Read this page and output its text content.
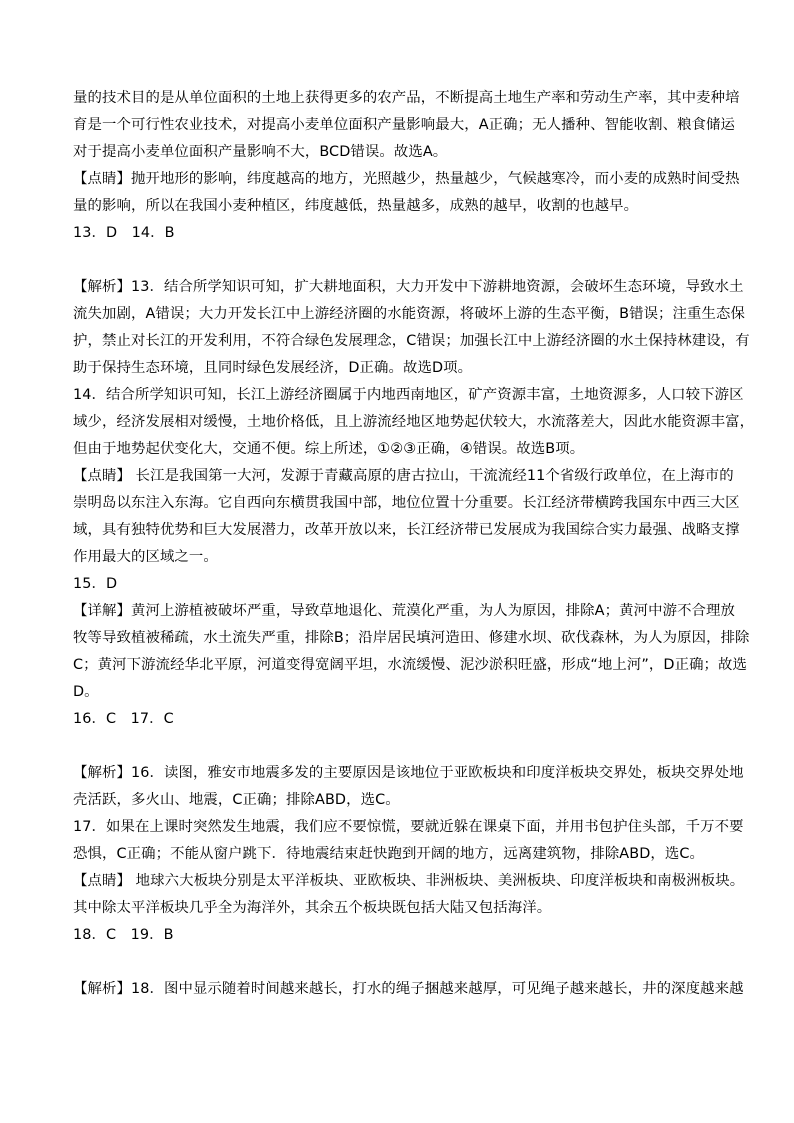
量的技术目的是从单位面积的土地上获得更多的农产品，不断提高土地生产率和劳动生产率，其中麦种培
育是一个可行性农业技术，对提高小麦单位面积产量影响最大，A正确；无人播种、智能收割、粮食储运
对于提高小麦单位面积产量影响不大，BCD错误。故选A。
【点睛】抛开地形的影响，纬度越高的地方，光照越少，热量越少，气候越寒冷，而小麦的成熟时间受热
量的影响，所以在我国小麦种植区，纬度越低，热量越多，成熟的越早，收割的也越早。
13．D　14．B
【解析】13．结合所学知识可知，扩大耕地面积，大力开发中下游耕地资源，会破坏生态环境，导致水土
流失加剧，A错误；大力开发长江中上游经济圈的水能资源，将破坏上游的生态平衡，B错误；注重生态保
护，禁止对长江的开发利用，不符合绿色发展理念，C错误；加强长江中上游经济圈的水土保持林建设，有
助于保持生态环境，且同时绿色发展经济，D正确。故选D项。
14．结合所学知识可知，长江上游经济圈属于内地西南地区，矿产资源丰富，土地资源多，人口较下游区
域少，经济发展相对缓慢，土地价格低，且上游流经地区地势起伏较大，水流落差大，因此水能资源丰富，
但由于地势起伏变化大，交通不便。综上所述，①②③正确，④错误。故选B项。
【点睛】 长江是我国第一大河，发源于青藏高原的唐古拉山，干流流经11个省级行政单位，在上海市的
崇明岛以东注入东海。它自西向东横贯我国中部，地位位置十分重要。长江经济带横跨我国东中西三大区
域，具有独特优势和巨大发展潜力，改革开放以来，长江经济带已发展成为我国综合实力最强、战略支撑
作用最大的区域之一。
15．D
【详解】黄河上游植被破坏严重，导致草地退化、荒漠化严重，为人为原因，排除A；黄河中游不合理放
牧等导致植被稀疏，水土流失严重，排除B；沿岸居民填河造田、修建水坝、砍伐森林，为人为原因，排除
C；黄河下游流经华北平原，河道变得宽阔平坦，水流缓慢、泥沙淤积旺盛，形成“地上河”，D正确；故选
D。
16．C　17．C
【解析】16．读图，雅安市地震多发的主要原因是该地位于亚欧板块和印度洋板块交界处，板块交界处地
壳活跃，多火山、地震，C正确；排除ABD，选C。
17．如果在上课时突然发生地震，我们应不要惊慌，要就近躲在课桌下面，并用书包护住头部，千万不要
恐惧，C正确；不能从窗户跳下．待地震结束赶快跑到开阔的地方，远离建筑物，排除ABD，选C。
【点睛】 地球六大板块分别是太平洋板块、亚欧板块、非洲板块、美洲板块、印度洋板块和南极洲板块。
其中除太平洋板块几乎全为海洋外，其余五个板块既包括大陆又包括海洋。
18．C　19．B
【解析】18．图中显示随着时间越来越长，打水的绳子捆越来越厚，可见绳子越来越长，井的深度越来越
